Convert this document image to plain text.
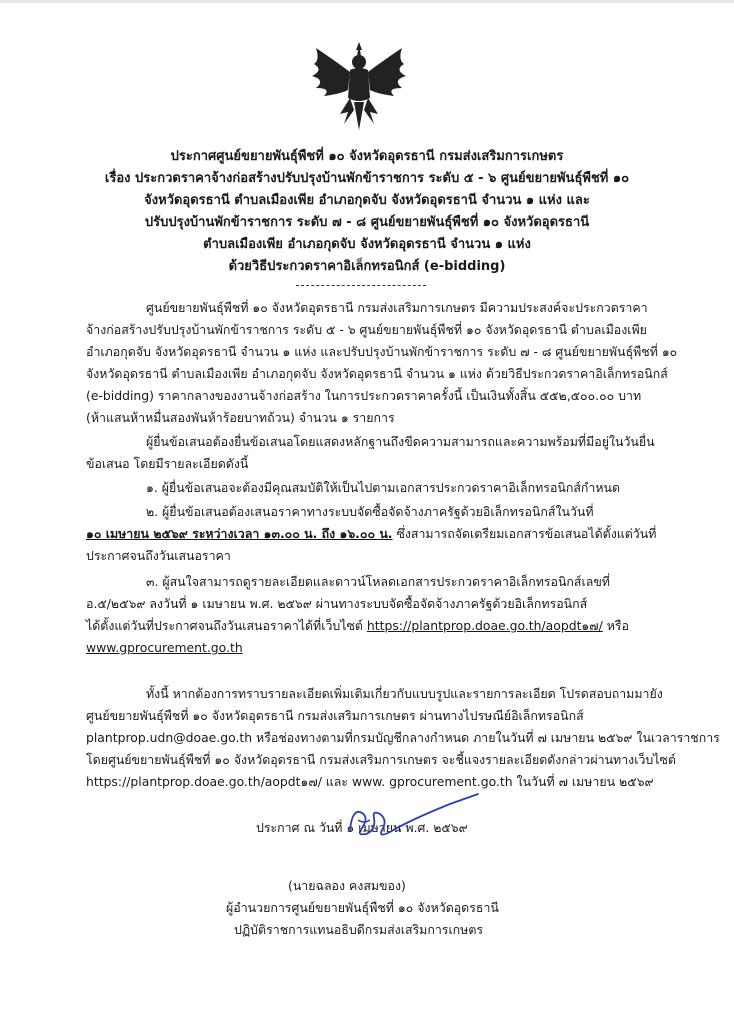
ประกาศศูนย์ขยายพันธุ์พืชที่ ๑๐ จังหวัดอุดรธานี กรมส่งเสริมการเกษตร
เรื่อง ประกวดราคาจ้างก่อสร้างปรับปรุงบ้านพักข้าราชการ ระดับ ๕ - ๖ ศูนย์ขยายพันธุ์พืชที่ ๑๐
จังหวัดอุดรธานี ตำบลเมืองเพีย อำเภอกุดจับ จังหวัดอุดรธานี จำนวน ๑ แห่ง และ
ปรับปรุงบ้านพักข้าราชการ ระดับ ๗ - ๘ ศูนย์ขยายพันธุ์พืชที่ ๑๐ จังหวัดอุดรธานี
ตำบลเมืองเพีย อำเภอกุดจับ จังหวัดอุดรธานี จำนวน ๑ แห่ง
ด้วยวิธีประกวดราคาอิเล็กทรอนิกส์ (e-bidding)
ศูนย์ขยายพันธุ์พืชที่ ๑๐ จังหวัดอุดรธานี กรมส่งเสริมการเกษตร มีความประสงค์จะประกวดราคา
จ้างก่อสร้างปรับปรุงบ้านพักข้าราชการ ระดับ ๕ - ๖ ศูนย์ขยายพันธุ์พืชที่ ๑๐ จังหวัดอุดรธานี ตำบลเมืองเพีย
อำเภอกุดจับ จังหวัดอุดรธานี จำนวน ๑ แห่ง และปรับปรุงบ้านพักข้าราชการ ระดับ ๗ - ๘ ศูนย์ขยายพันธุ์พืชที่ ๑๐
จังหวัดอุดรธานี ตำบลเมืองเพีย อำเภอกุดจับ จังหวัดอุดรธานี จำนวน ๑ แห่ง ด้วยวิธีประกวดราคาอิเล็กทรอนิกส์
(e-bidding) ราคากลางของงานจ้างก่อสร้าง ในการประกวดราคาครั้งนี้ เป็นเงินทั้งสิ้น ๕๕๒,๕๐๐.๐๐ บาท
(ห้าแสนห้าหมื่นสองพันห้าร้อยบาทถ้วน) จำนวน ๑ รายการ
ผู้ยื่นข้อเสนอต้องยื่นข้อเสนอโดยแสดงหลักฐานถึงขีดความสามารถและความพร้อมที่มีอยู่ในวันยื่น
ข้อเสนอ โดยมีรายละเอียดดังนี้
๑. ผู้ยื่นข้อเสนอจะต้องมีคุณสมบัติให้เป็นไปตามเอกสารประกวดราคาอิเล็กทรอนิกส์กำหนด
๒. ผู้ยื่นข้อเสนอต้องเสนอราคาทางระบบจัดซื้อจัดจ้างภาครัฐด้วยอิเล็กทรอนิกส์ในวันที่
๑๐ เมษายน ๒๕๖๙ ระหว่างเวลา ๑๓.๐๐ น. ถึง ๑๖.๐๐ น. ซึ่งสามารถจัดเตรียมเอกสารข้อเสนอได้ตั้งแต่วันที่
ประกาศจนถึงวันเสนอราคา
๓. ผู้สนใจสามารถดูรายละเอียดและดาวน์โหลดเอกสารประกวดราคาอิเล็กทรอนิกส์เลขที่
อ.๕/๒๕๖๙ ลงวันที่ ๑ เมษายน พ.ศ. ๒๕๖๙ ผ่านทางระบบจัดซื้อจัดจ้างภาครัฐด้วยอิเล็กทรอนิกส์
ได้ตั้งแต่วันที่ประกาศจนถึงวันเสนอราคาได้ที่เว็บไซต์ https://plantprop.doae.go.th/aopdt๑๗/ หรือ
www.gprocurement.go.th
ทั้งนี้ หากต้องการทราบรายละเอียดเพิ่มเติมเกี่ยวกับแบบรูปและรายการละเอียด โปรดสอบถามมายัง
ศูนย์ขยายพันธุ์พืชที่ ๑๐ จังหวัดอุดรธานี กรมส่งเสริมการเกษตร ผ่านทางไปรษณีย์อิเล็กทรอนิกส์
plantprop.udn@doae.go.th หรือช่องทางตามที่กรมบัญชีกลางกำหนด ภายในวันที่ ๗ เมษายน ๒๕๖๙ ในเวลาราชการ
โดยศูนย์ขยายพันธุ์พืชที่ ๑๐ จังหวัดอุดรธานี กรมส่งเสริมการเกษตร จะชี้แจงรายละเอียดดังกล่าวผ่านทางเว็บไซต์
https://plantprop.doae.go.th/aopdt๑๗/ และ www. gprocurement.go.th ในวันที่ ๗ เมษายน ๒๕๖๙
ประกาศ ณ วันที่ ๑ เมษายน พ.ศ. ๒๕๖๙
(นายฉลอง คงสมของ)
ผู้อำนวยการศูนย์ขยายพันธุ์พืชที่ ๑๐ จังหวัดอุดรธานี
ปฏิบัติราชการแทนอธิบดีกรมส่งเสริมการเกษตร
